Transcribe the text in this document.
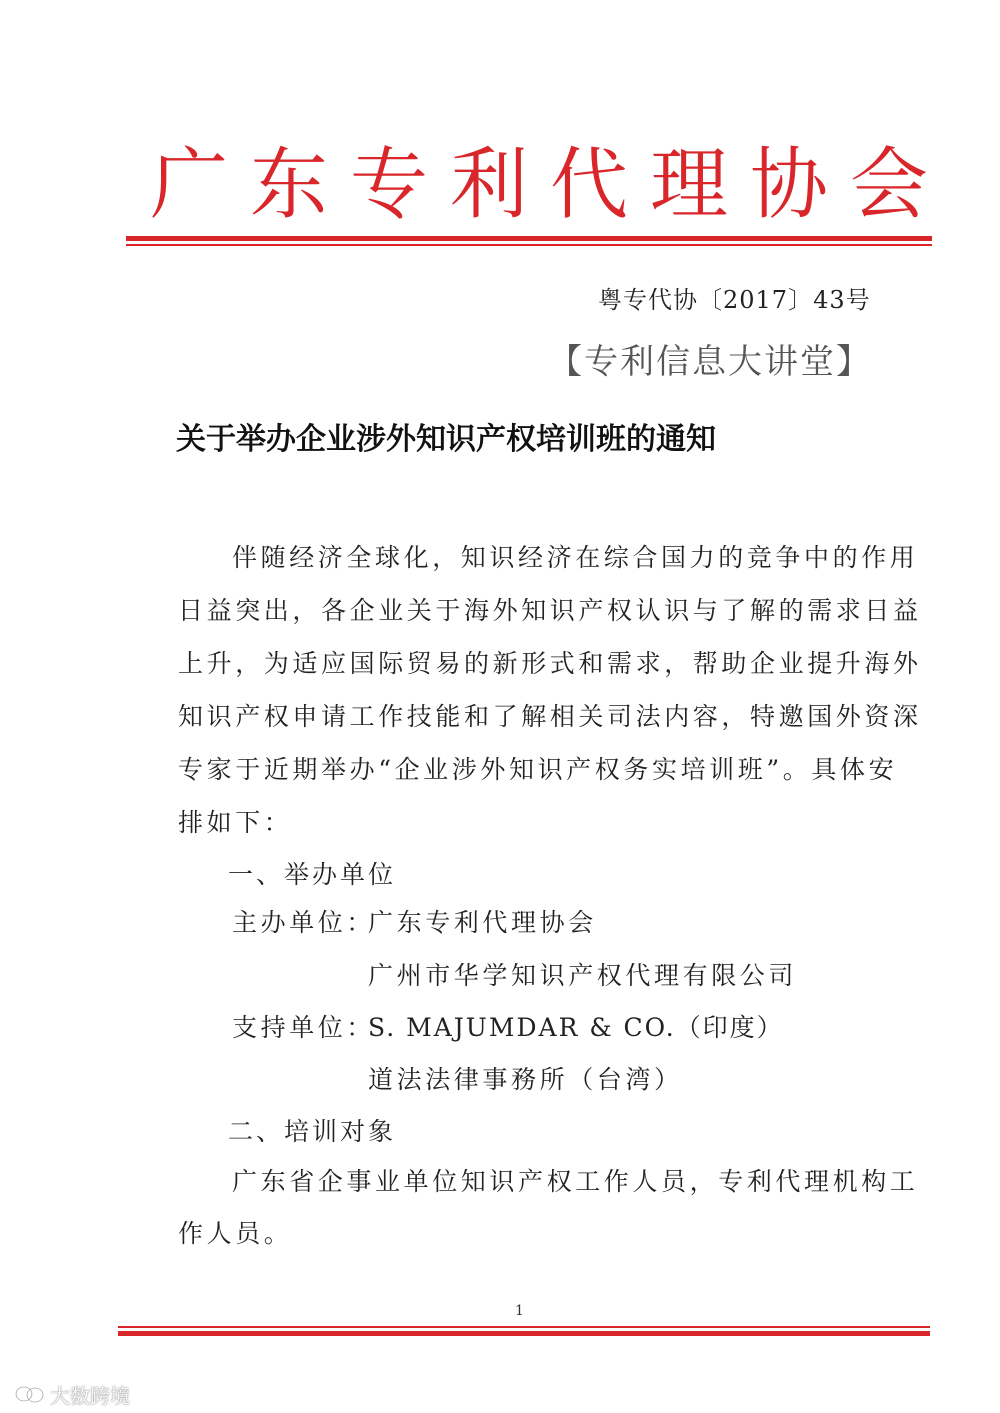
广东专利代理协会
粤专代协〔2017〕43号
【专利信息大讲堂】
关于举办企业涉外知识产权培训班的通知
伴随经济全球化，知识经济在综合国力的竞争中的作用
日益突出，各企业关于海外知识产权认识与了解的需求日益
上升，为适应国际贸易的新形式和需求，帮助企业提升海外
知识产权申请工作技能和了解相关司法内容，特邀国外资深
专家于近期举办“企业涉外知识产权务实培训班”。具体安
排如下：
一、举办单位
主办单位：
广东专利代理协会
广州市华学知识产权代理有限公司
支持单位：
S. MAJUMDAR & CO.（印度）
道法法律事務所（台湾）
二、培训对象
广东省企事业单位知识产权工作人员，专利代理机构工
作人员。
1
大数跨境
